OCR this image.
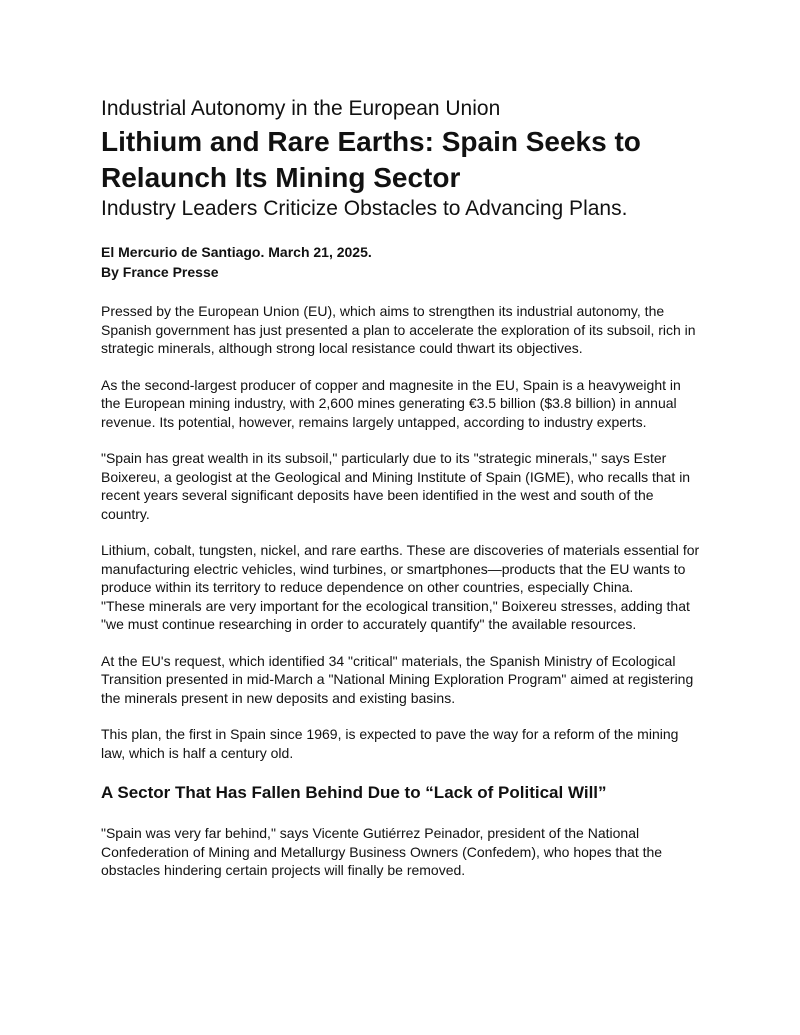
Industrial Autonomy in the European Union
Lithium and Rare Earths: Spain Seeks to Relaunch Its Mining Sector
Industry Leaders Criticize Obstacles to Advancing Plans.
El Mercurio de Santiago. March 21, 2025.
By France Presse

Pressed by the European Union (EU), which aims to strengthen its industrial autonomy, the Spanish government has just presented a plan to accelerate the exploration of its subsoil, rich in strategic minerals, although strong local resistance could thwart its objectives.

As the second-largest producer of copper and magnesite in the EU, Spain is a heavyweight in the European mining industry, with 2,600 mines generating €3.5 billion ($3.8 billion) in annual revenue. Its potential, however, remains largely untapped, according to industry experts.

"Spain has great wealth in its subsoil," particularly due to its "strategic minerals," says Ester Boixereu, a geologist at the Geological and Mining Institute of Spain (IGME), who recalls that in recent years several significant deposits have been identified in the west and south of the country.

Lithium, cobalt, tungsten, nickel, and rare earths. These are discoveries of materials essential for manufacturing electric vehicles, wind turbines, or smartphones—products that the EU wants to produce within its territory to reduce dependence on other countries, especially China.

"These minerals are very important for the ecological transition," Boixereu stresses, adding that "we must continue researching in order to accurately quantify" the available resources.

At the EU's request, which identified 34 "critical" materials, the Spanish Ministry of Ecological Transition presented in mid-March a "National Mining Exploration Program" aimed at registering the minerals present in new deposits and existing basins.

This plan, the first in Spain since 1969, is expected to pave the way for a reform of the mining law, which is half a century old.

A Sector That Has Fallen Behind Due to “Lack of Political Will”

"Spain was very far behind," says Vicente Gutiérrez Peinador, president of the National Confederation of Mining and Metallurgy Business Owners (Confedem), who hopes that the obstacles hindering certain projects will finally be removed.
